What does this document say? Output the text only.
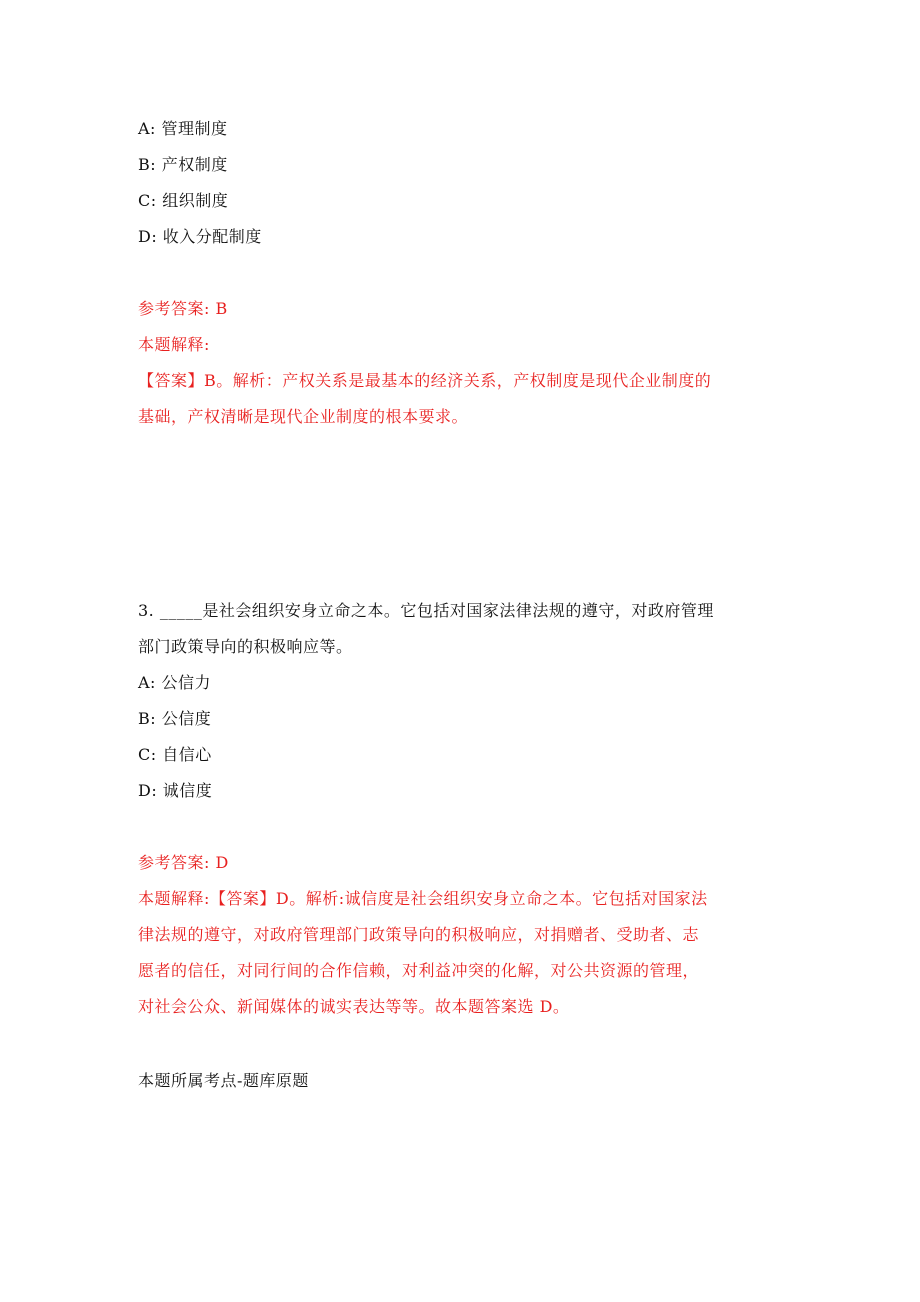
A: 管理制度
B: 产权制度
C: 组织制度
D: 收入分配制度
参考答案: B
本题解释:
【答案】B。解析：产权关系是最基本的经济关系，产权制度是现代企业制度的
基础，产权清晰是现代企业制度的根本要求。
3. _____是社会组织安身立命之本。它包括对国家法律法规的遵守，对政府管理
部门政策导向的积极响应等。
A: 公信力
B: 公信度
C: 自信心
D: 诚信度
参考答案: D
本题解释:【答案】D。解析:诚信度是社会组织安身立命之本。它包括对国家法
律法规的遵守，对政府管理部门政策导向的积极响应，对捐赠者、受助者、志
愿者的信任，对同行间的合作信赖，对利益冲突的化解，对公共资源的管理，
对社会公众、新闻媒体的诚实表达等等。故本题答案选 D。
本题所属考点-题库原题
